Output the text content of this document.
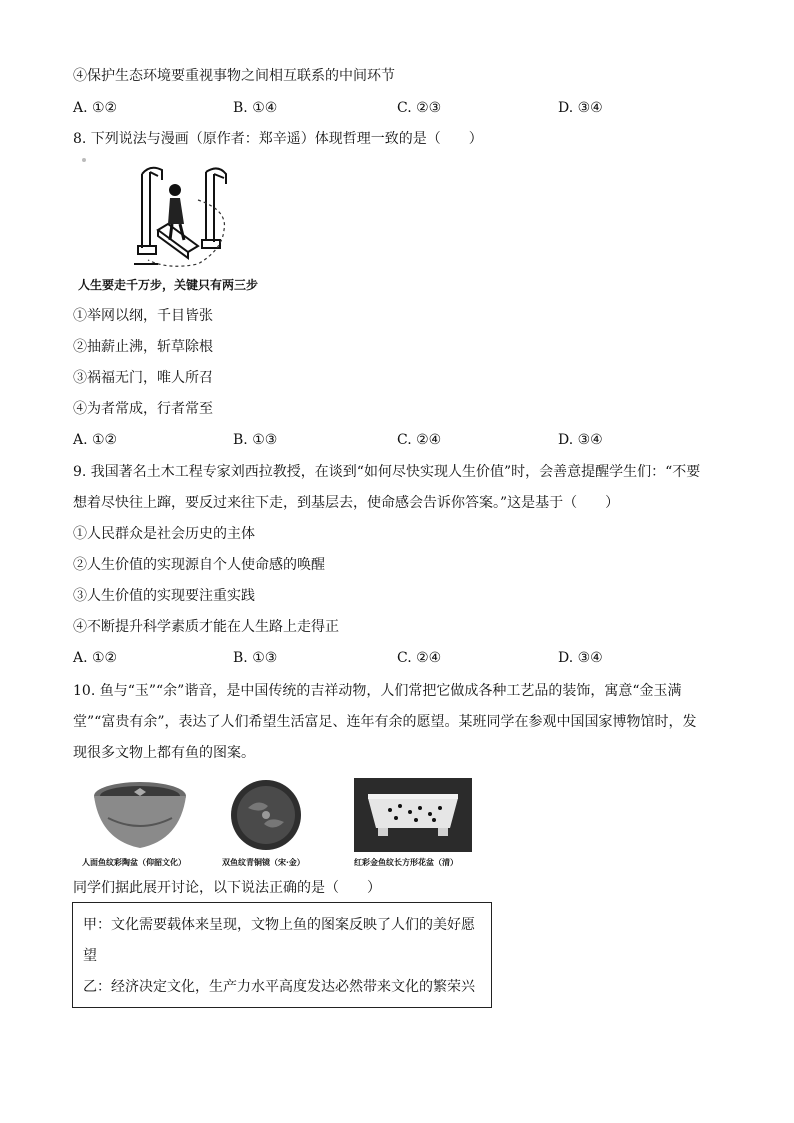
④保护生态环境要重视事物之间相互联系的中间环节
A. ①②	B. ①④	C. ②③	D. ③④
8. 下列说法与漫画（原作者：郑辛遥）体现哲理一致的是（　　）
人生要走千万步，关键只有两三步
①举网以纲，千目皆张
②抽薪止沸，斩草除根
③祸福无门，唯人所召
④为者常成，行者常至
A. ①②	B. ①③	C. ②④	D. ③④
9. 我国著名土木工程专家刘西拉教授，在谈到“如何尽快实现人生价值”时，会善意提醒学生们：“不要
想着尽快往上蹿，要反过来往下走，到基层去，使命感会告诉你答案。”这是基于（　　）
①人民群众是社会历史的主体
②人生价值的实现源自个人使命感的唤醒
③人生价值的实现要注重实践
④不断提升科学素质才能在人生路上走得正
A. ①②	B. ①③	C. ②④	D. ③④
10. 鱼与“玉”“余”谐音，是中国传统的吉祥动物，人们常把它做成各种工艺品的装饰，寓意“金玉满
堂”“富贵有余”，表达了人们希望生活富足、连年有余的愿望。某班同学在参观中国国家博物馆时，发
现很多文物上都有鱼的图案。
人面鱼纹彩陶盆（仰韶文化）	双鱼纹青铜镜（宋·金）	红彩金鱼纹长方形花盆（清）
同学们据此展开讨论，以下说法正确的是（　　）
甲：文化需要载体来呈现，文物上鱼的图案反映了人们的美好愿
望
乙：经济决定文化，生产力水平高度发达必然带来文化的繁荣兴
